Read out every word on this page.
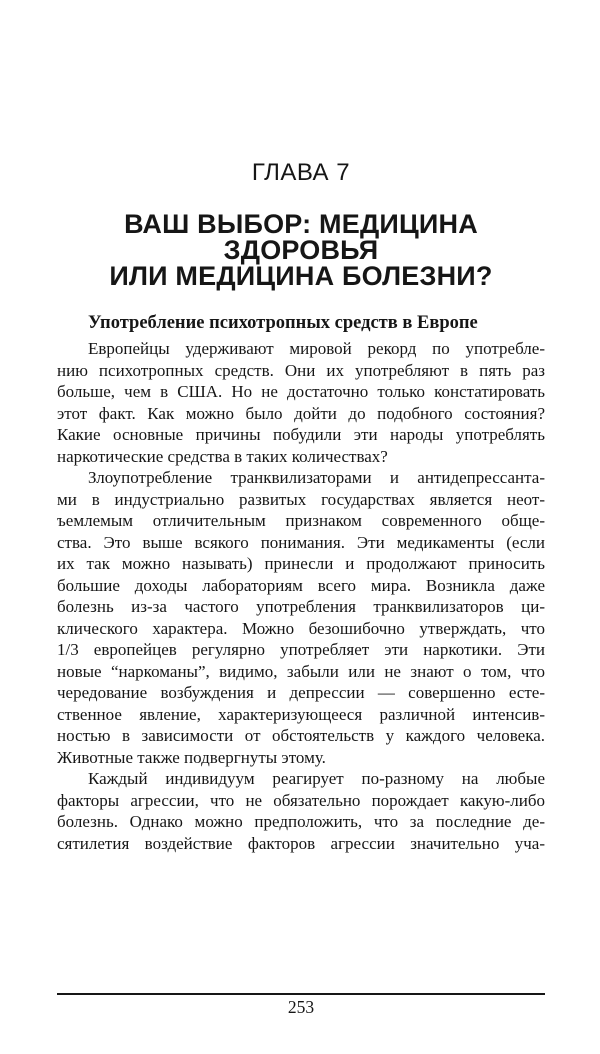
ГЛАВА 7
ВАШ ВЫБОР: МЕДИЦИНА ЗДОРОВЬЯ
ИЛИ МЕДИЦИНА БОЛЕЗНИ?
Употребление психотропных средств в Европе
Европейцы удерживают мировой рекорд по употребле-
нию психотропных средств. Они их употребляют в пять раз
больше, чем в США. Но не достаточно только констатировать
этот факт. Как можно было дойти до подобного состояния?
Какие основные причины побудили эти народы употреблять
наркотические средства в таких количествах?
Злоупотребление транквилизаторами и антидепрессанта-
ми в индустриально развитых государствах является неот-
ъемлемым отличительным признаком современного обще-
ства. Это выше всякого понимания. Эти медикаменты (если
их так можно называть) принесли и продолжают приносить
большие доходы лабораториям всего мира. Возникла даже
болезнь из-за частого употребления транквилизаторов ци-
клического характера. Можно безошибочно утверждать, что
1/3 европейцев регулярно употребляет эти наркотики. Эти
новые “наркоманы”, видимо, забыли или не знают о том, что
чередование возбуждения и депрессии — совершенно есте-
ственное явление, характеризующееся различной интенсив-
ностью в зависимости от обстоятельств у каждого человека.
Животные также подвергнуты этому.
Каждый индивидуум реагирует по-разному на любые
факторы агрессии, что не обязательно порождает какую-либо
болезнь. Однако можно предположить, что за последние де-
сятилетия воздействие факторов агрессии значительно уча-
253
